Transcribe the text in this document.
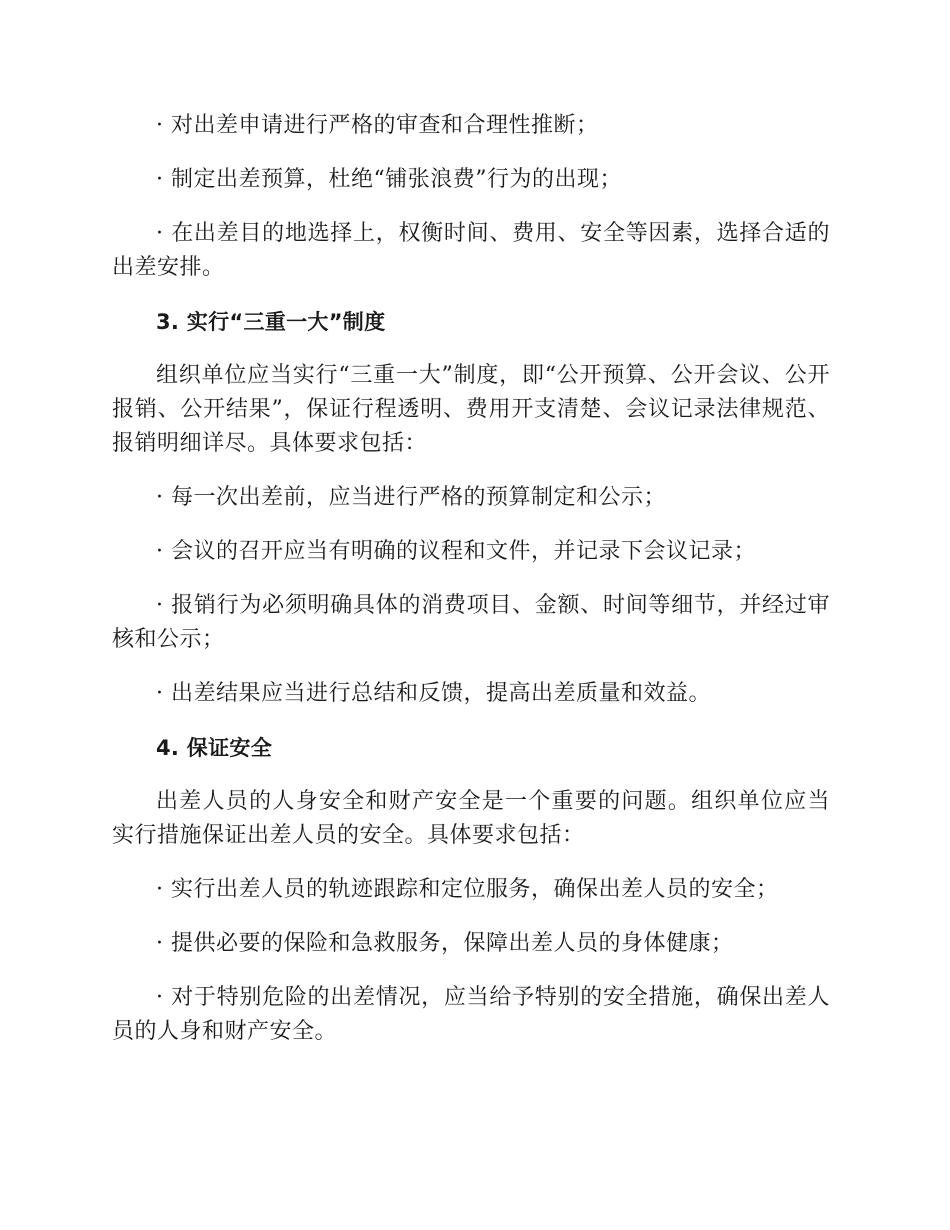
· 对出差申请进行严格的审查和合理性推断；

· 制定出差预算，杜绝“铺张浪费”行为的出现；

· 在出差目的地选择上，权衡时间、费用、安全等因素，选择合适的出差安排。

3. 实行“三重一大”制度

组织单位应当实行“三重一大”制度，即“公开预算、公开会议、公开报销、公开结果”，保证行程透明、费用开支清楚、会议记录法律规范、报销明细详尽。具体要求包括：

· 每一次出差前，应当进行严格的预算制定和公示；

· 会议的召开应当有明确的议程和文件，并记录下会议记录；

· 报销行为必须明确具体的消费项目、金额、时间等细节，并经过审核和公示；

· 出差结果应当进行总结和反馈，提高出差质量和效益。

4. 保证安全

出差人员的人身安全和财产安全是一个重要的问题。组织单位应当实行措施保证出差人员的安全。具体要求包括：

· 实行出差人员的轨迹跟踪和定位服务，确保出差人员的安全；

· 提供必要的保险和急救服务，保障出差人员的身体健康；

· 对于特别危险的出差情况，应当给予特别的安全措施，确保出差人员的人身和财产安全。
